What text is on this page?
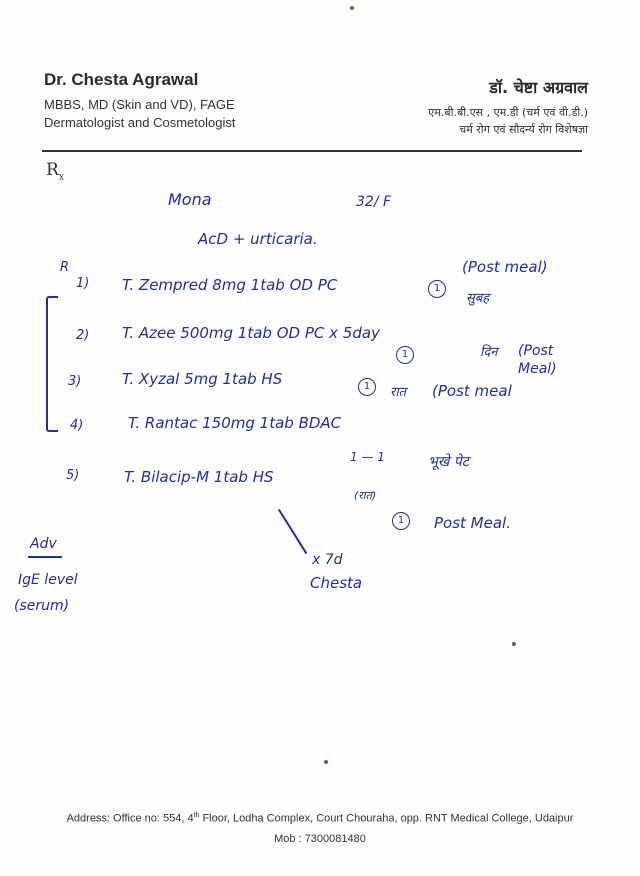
Dr. Chesta Agrawal
MBBS, MD (Skin and VD), FAGE
Dermatologist and Cosmetologist
डॉ. चेष्टा अग्रवाल
एम.बी.बी.एस , एम.डी (चर्म एवं वी.डी.)
चर्म रोग एवं सौदर्न्य रोग विशेषज्ञा
$R_x$
Mona	32/ F
AcD + urticaria.
R
1) T. Zempred 8mg 1tab OD PC	1
(Post meal)
सुबह
2) T. Azee 500mg 1tab OD PC x 5day
1	दिन (Post Meal)
3)	T. Xyzal 5mg 1tab HS	1	रात (Post meal
4)	T. Rantac 150mg 1tab BDAC
1 — 1	भूखे पेट
5)	T. Bilacip-M 1tab HS
(रात)
1	Post Meal.
x 7d
Chesta
Adv
IgE level
(serum)
Address: Office no: 554, 4th Floor, Lodha Complex, Court Chouraha, opp. RNT Medical College, Udaipur
Mob : 7300081480
